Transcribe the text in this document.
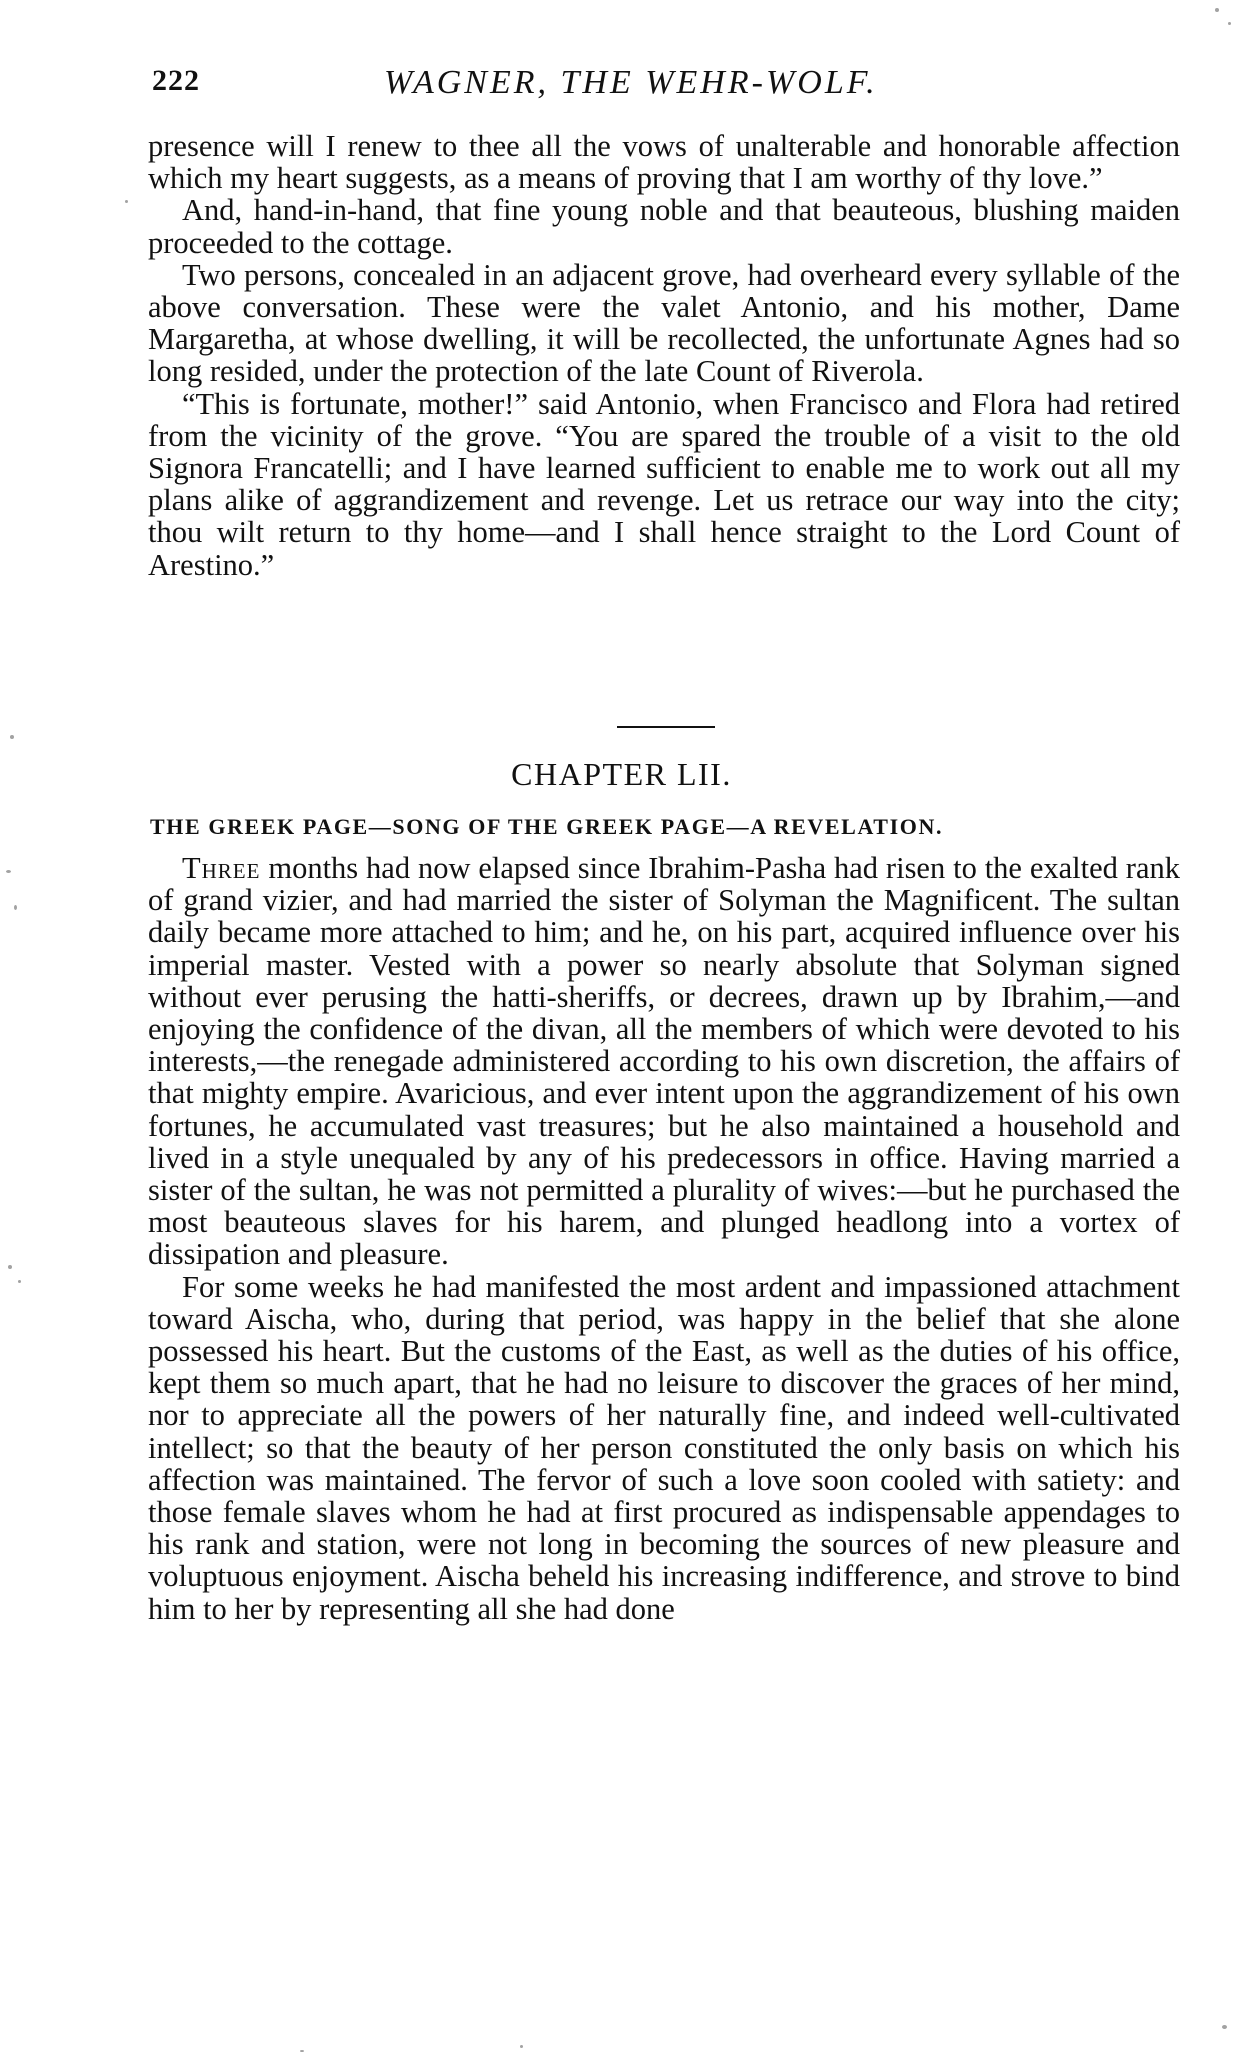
222	WAGNER, THE WEHR-WOLF.

presence will I renew to thee all the vows of unalterable and honorable affection which my heart suggests, as a means of proving that I am worthy of thy love.”

And, hand-in-hand, that fine young noble and that beauteous, blushing maiden proceeded to the cottage.

Two persons, concealed in an adjacent grove, had overheard every syllable of the above conversation. These were the valet Antonio, and his mother, Dame Margaretha, at whose dwelling, it will be recollected, the unfortunate Agnes had so long resided, under the protection of the late Count of Riverola.

“This is fortunate, mother!” said Antonio, when Francisco and Flora had retired from the vicinity of the grove. “You are spared the trouble of a visit to the old Signora Francatelli; and I have learned sufficient to enable me to work out all my plans alike of aggrandizement and revenge. Let us retrace our way into the city; thou wilt return to thy home—and I shall hence straight to the Lord Count of Arestino.”

CHAPTER LII.
THE GREEK PAGE—SONG OF THE GREEK PAGE—A REVELATION.

Three months had now elapsed since Ibrahim-Pasha had risen to the exalted rank of grand vizier, and had married the sister of Solyman the Magnificent. The sultan daily became more attached to him; and he, on his part, acquired influence over his imperial master. Vested with a power so nearly absolute that Solyman signed without ever perusing the hatti-sheriffs, or decrees, drawn up by Ibrahim,—and enjoying the confidence of the divan, all the members of which were devoted to his interests,—the renegade administered according to his own discretion, the affairs of that mighty empire. Avaricious, and ever intent upon the aggrandizement of his own fortunes, he accumulated vast treasures; but he also maintained a household and lived in a style unequaled by any of his predecessors in office. Having married a sister of the sultan, he was not permitted a plurality of wives:—but he purchased the most beauteous slaves for his harem, and plunged headlong into a vortex of dissipation and pleasure.

For some weeks he had manifested the most ardent and impassioned attachment toward Aischa, who, during that period, was happy in the belief that she alone possessed his heart. But the customs of the East, as well as the duties of his office, kept them so much apart, that he had no leisure to discover the graces of her mind, nor to appreciate all the powers of her naturally fine, and indeed well-cultivated intellect; so that the beauty of her person constituted the only basis on which his affection was maintained. The fervor of such a love soon cooled with satiety: and those female slaves whom he had at first procured as indispensable appendages to his rank and station, were not long in becoming the sources of new pleasure and voluptuous enjoyment. Aischa beheld his increasing indifference, and strove to bind him to her by representing all she had done
